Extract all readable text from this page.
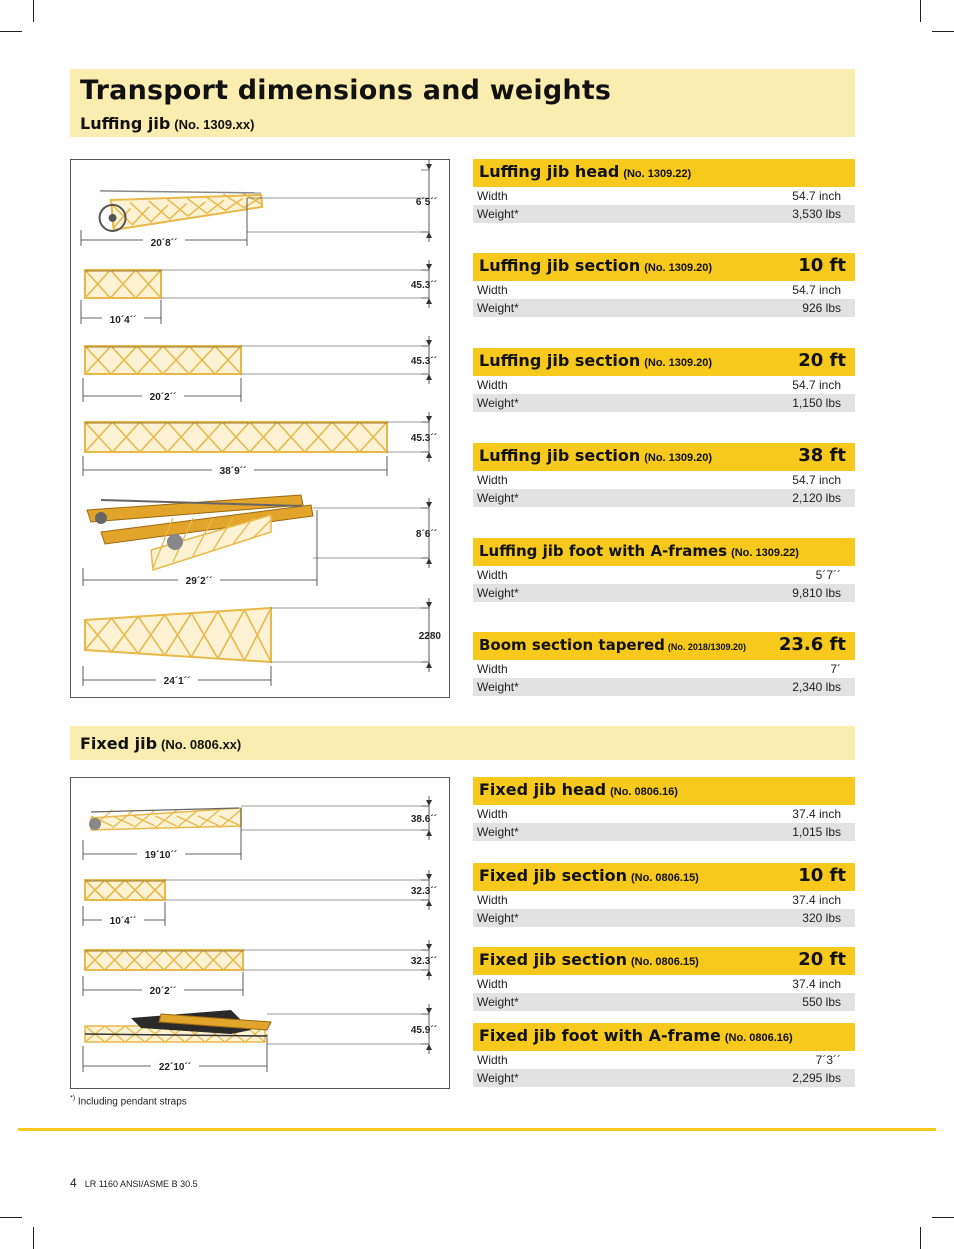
Transport dimensions and weights

Luffing jib (No. 1309.xx)

6´5´´
20´8´´
45.3´´
10´4´´
45.3´´
20´2´´
45.3´´
38´9´´
8´6´´
29´2´´
2280
24´1´´
Luffing jib head (No. 1309.22)
Width	54.7 inch
Weight*	3,530 lbs
Luffing jib section (No. 1309.20)	10 ft
Width	54.7 inch
Weight*	926 lbs
Luffing jib section (No. 1309.20)	20 ft
Width	54.7 inch
Weight*	1,150 lbs
Luffing jib section (No. 1309.20)	38 ft
Width	54.7 inch
Weight*	2,120 lbs
Luffing jib foot with A-frames (No. 1309.22)
Width	5´7´´
Weight*	9,810 lbs
Boom section tapered (No. 2018/1309.20) 23.6 ft
Width	7´
Weight*	2,340 lbs

Fixed jib (No. 0806.xx)

38.6´´
19´10´´
32.3´´
10´4´´
32.3´´
20´2´´
45.9´´
22´10´´
Fixed jib head (No. 0806.16)
Width	37.4 inch
Weight*	1,015 lbs
Fixed jib section (No. 0806.15)	10 ft
Width	37.4 inch
Weight*	320 lbs
Fixed jib section (No. 0806.15)	20 ft
Width	37.4 inch
Weight*	550 lbs
Fixed jib foot with A-frame (No. 0806.16)
Width	7´3´´
Weight*	2,295 lbs
*) Including pendant straps
4 LR 1160 ANSI/ASME B 30.5
